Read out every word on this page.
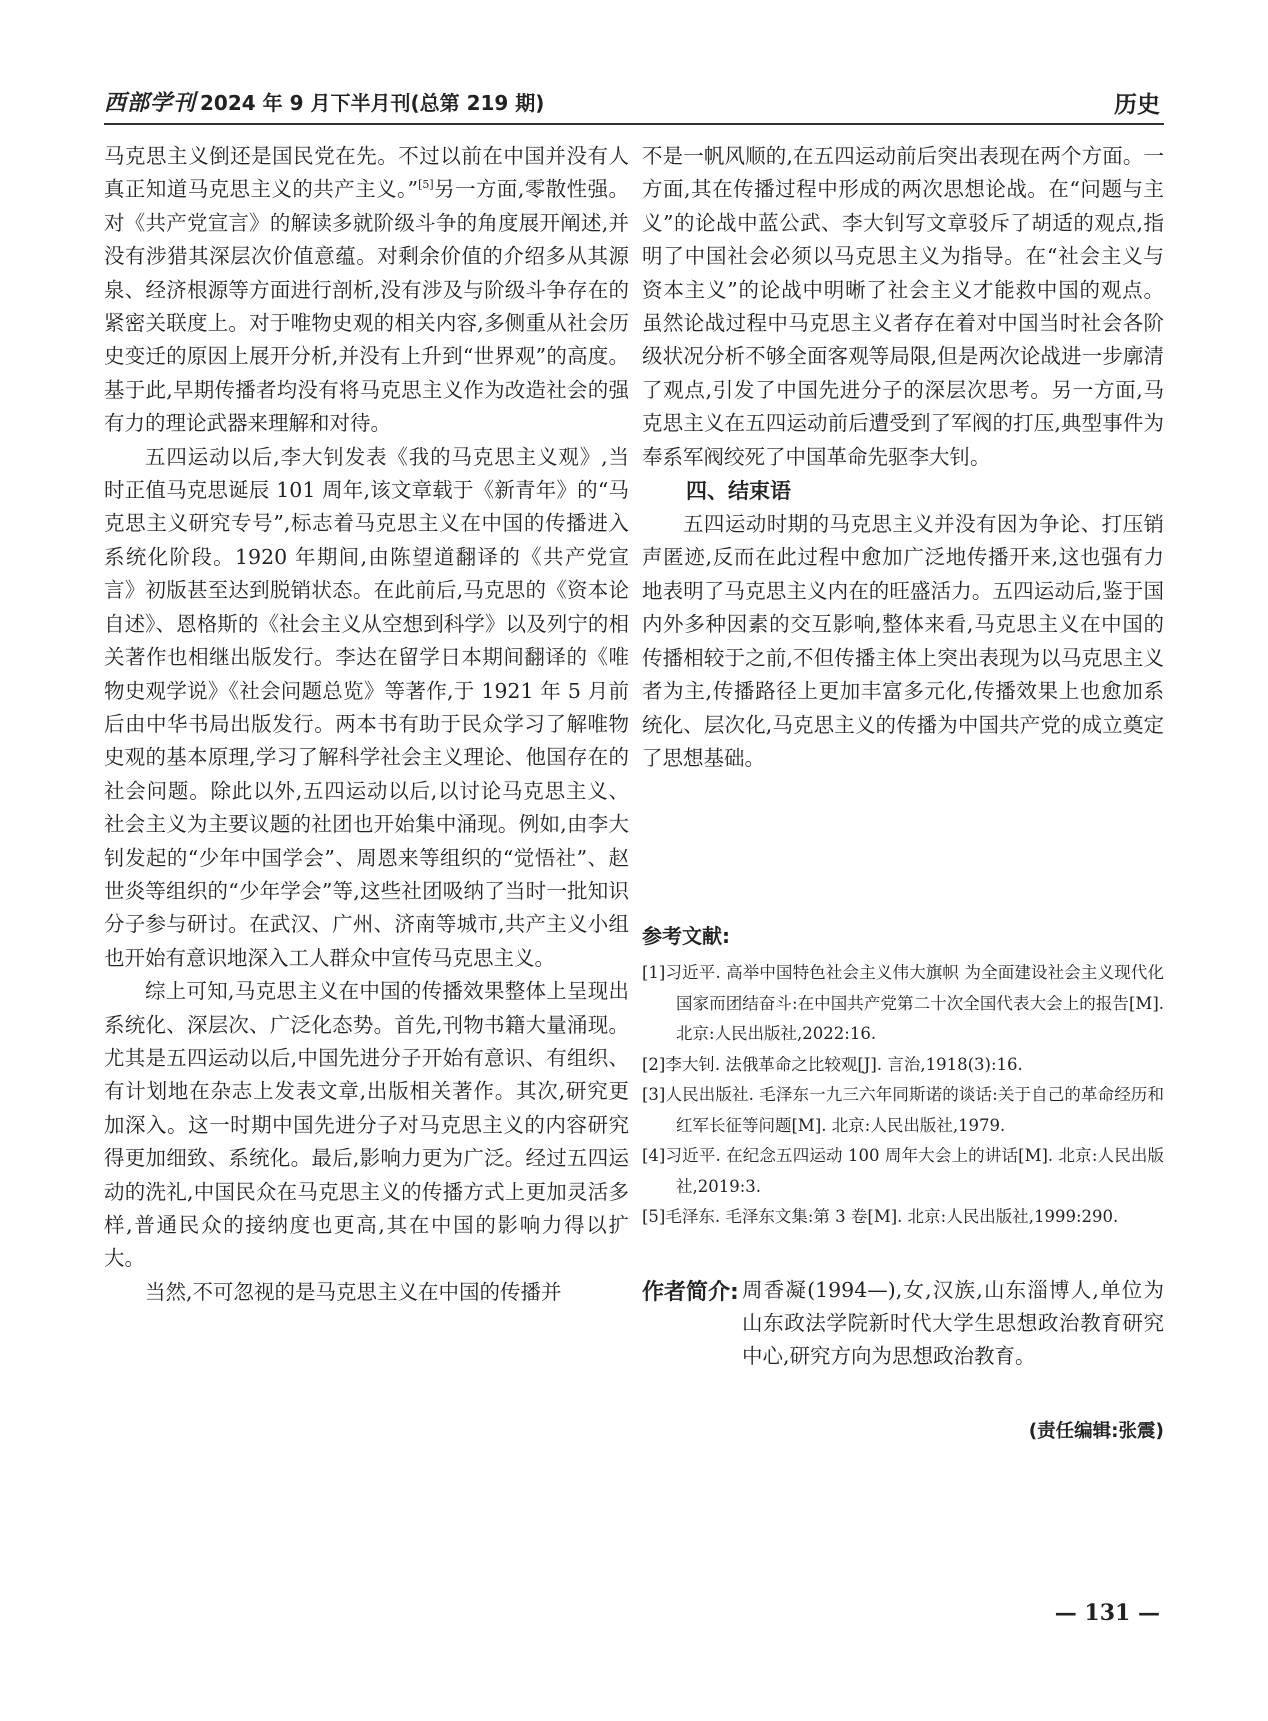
西部学刊 2024 年 9 月下半月刊(总第 219 期)	历史

马克思主义倒还是国民党在先。不过以前在中国并没有人真正知道马克思主义的共产主义。”[5]另一方面,零散性强。对《共产党宣言》的解读多就阶级斗争的角度展开阐述,并没有涉猎其深层次价值意蕴。对剩余价值的介绍多从其源泉、经济根源等方面进行剖析,没有涉及与阶级斗争存在的紧密关联度上。对于唯物史观的相关内容,多侧重从社会历史变迁的原因上展开分析,并没有上升到“世界观”的高度。基于此,早期传播者均没有将马克思主义作为改造社会的强有力的理论武器来理解和对待。

五四运动以后,李大钊发表《我的马克思主义观》,当时正值马克思诞辰 101 周年,该文章载于《新青年》的“马克思主义研究专号”,标志着马克思主义在中国的传播进入系统化阶段。1920 年期间,由陈望道翻译的《共产党宣言》初版甚至达到脱销状态。在此前后,马克思的《资本论自述》、恩格斯的《社会主义从空想到科学》以及列宁的相关著作也相继出版发行。李达在留学日本期间翻译的《唯物史观学说》《社会问题总览》等著作,于 1921 年 5 月前后由中华书局出版发行。两本书有助于民众学习了解唯物史观的基本原理,学习了解科学社会主义理论、他国存在的社会问题。除此以外,五四运动以后,以讨论马克思主义、社会主义为主要议题的社团也开始集中涌现。例如,由李大钊发起的“少年中国学会”、周恩来等组织的“觉悟社”、赵世炎等组织的“少年学会”等,这些社团吸纳了当时一批知识分子参与研讨。在武汉、广州、济南等城市,共产主义小组也开始有意识地深入工人群众中宣传马克思主义。

综上可知,马克思主义在中国的传播效果整体上呈现出系统化、深层次、广泛化态势。首先,刊物书籍大量涌现。尤其是五四运动以后,中国先进分子开始有意识、有组织、有计划地在杂志上发表文章,出版相关著作。其次,研究更加深入。这一时期中国先进分子对马克思主义的内容研究得更加细致、系统化。最后,影响力更为广泛。经过五四运动的洗礼,中国民众在马克思主义的传播方式上更加灵活多样,普通民众的接纳度也更高,其在中国的影响力得以扩大。

当然,不可忽视的是马克思主义在中国的传播并

不是一帆风顺的,在五四运动前后突出表现在两个方面。一方面,其在传播过程中形成的两次思想论战。在“问题与主义”的论战中蓝公武、李大钊写文章驳斥了胡适的观点,指明了中国社会必须以马克思主义为指导。在“社会主义与资本主义”的论战中明晰了社会主义才能救中国的观点。虽然论战过程中马克思主义者存在着对中国当时社会各阶级状况分析不够全面客观等局限,但是两次论战进一步廓清了观点,引发了中国先进分子的深层次思考。另一方面,马克思主义在五四运动前后遭受到了军阀的打压,典型事件为奉系军阀绞死了中国革命先驱李大钊。

四、结束语

五四运动时期的马克思主义并没有因为争论、打压销声匿迹,反而在此过程中愈加广泛地传播开来,这也强有力地表明了马克思主义内在的旺盛活力。五四运动后,鉴于国内外多种因素的交互影响,整体来看,马克思主义在中国的传播相较于之前,不但传播主体上突出表现为以马克思主义者为主,传播路径上更加丰富多元化,传播效果上也愈加系统化、层次化,马克思主义的传播为中国共产党的成立奠定了思想基础。

参考文献:
[1]习近平. 高举中国特色社会主义伟大旗帜 为全面建设社会主义现代化国家而团结奋斗:在中国共产党第二十次全国代表大会上的报告[M]. 北京:人民出版社,2022:16.
[2]李大钊. 法俄革命之比较观[J]. 言治,1918(3):16.
[3]人民出版社. 毛泽东一九三六年同斯诺的谈话:关于自己的革命经历和红军长征等问题[M]. 北京:人民出版社,1979.
[4]习近平. 在纪念五四运动 100 周年大会上的讲话[M]. 北京:人民出版社,2019:3.
[5]毛泽东. 毛泽东文集:第 3 卷[M]. 北京:人民出版社,1999:290.
作者简介: 周香凝(1994—),女,汉族,山东淄博人,单位为山东政法学院新时代大学生思想政治教育研究中心,研究方向为思想政治教育。
(责任编辑:张震)
— 131 —
